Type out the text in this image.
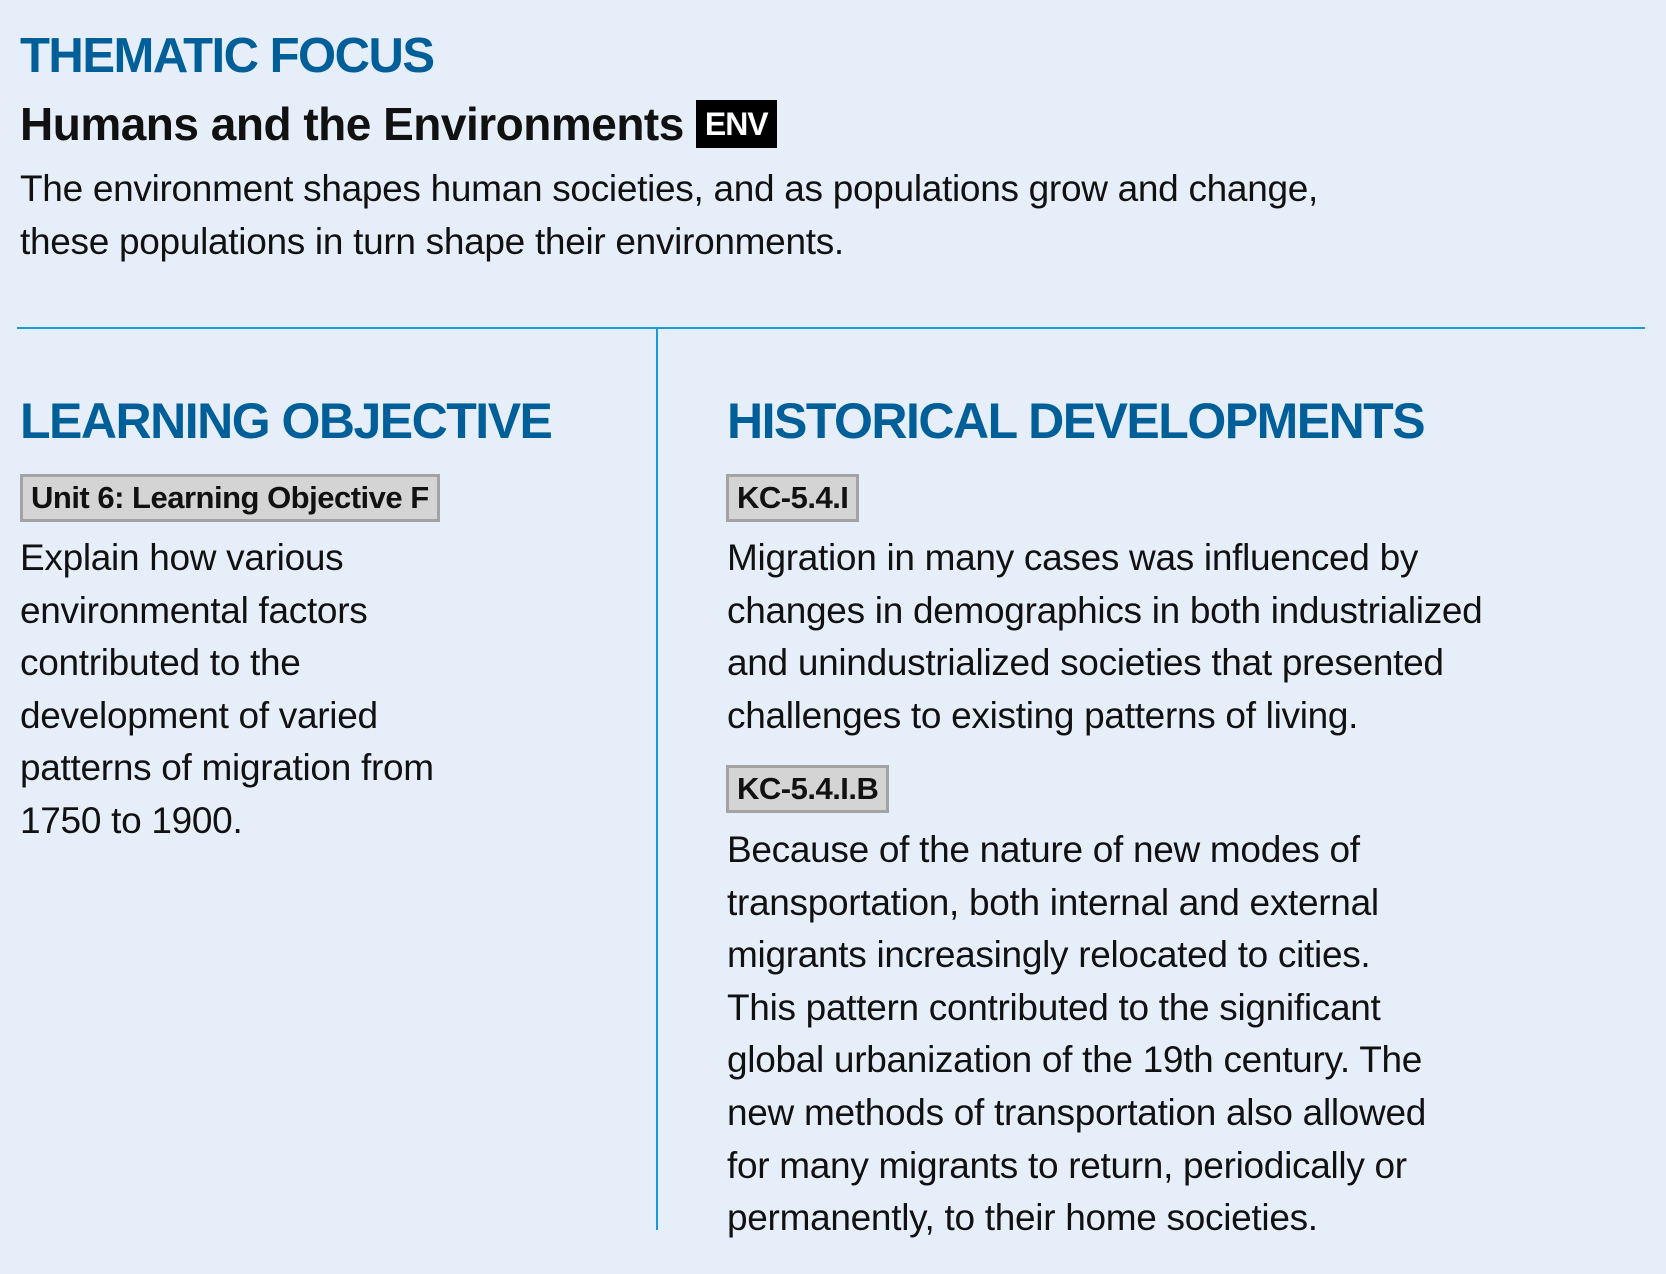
THEMATIC FOCUS
Humans and the Environments ENV
The environment shapes human societies, and as populations grow and change,
these populations in turn shape their environments.
LEARNING OBJECTIVE
Unit 6: Learning Objective F
Explain how various
environmental factors
contributed to the
development of varied
patterns of migration from
1750 to 1900.
HISTORICAL DEVELOPMENTS
KC-5.4.I
Migration in many cases was influenced by
changes in demographics in both industrialized
and unindustrialized societies that presented
challenges to existing patterns of living.
KC-5.4.I.B
Because of the nature of new modes of
transportation, both internal and external
migrants increasingly relocated to cities.
This pattern contributed to the significant
global urbanization of the 19th century. The
new methods of transportation also allowed
for many migrants to return, periodically or
permanently, to their home societies.
